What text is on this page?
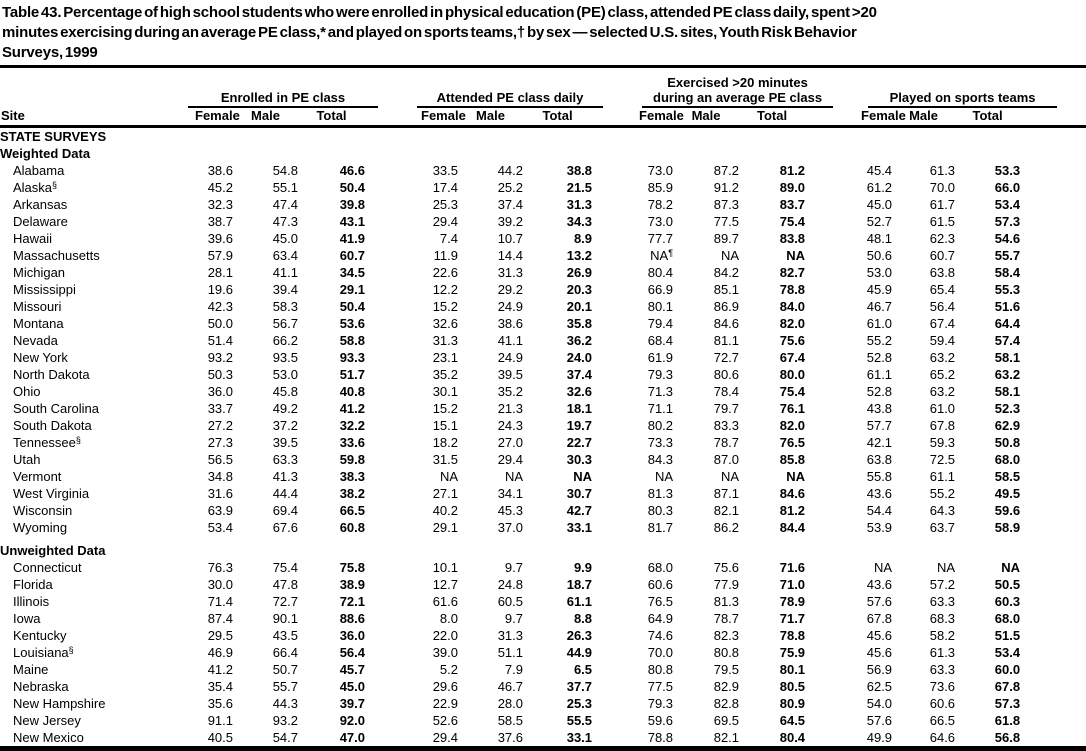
Table 43. Percentage of high school students who were enrolled in physical education (PE) class, attended PE class daily, spent >20
minutes exercising during an average PE class,* and played on sports teams,† by sex — selected U.S. sites, Youth Risk Behavior
Surveys, 1999
Site	Enrolled in PE class			Attended PE class daily			Exercised >20 minutes
during an average PE class			Played on sports teams			

	Female	Male	Total	Female	Male	Total	Female	Male	Total	Female	Male	Total	
STATE SURVEYS													
Weighted Data													
Alabama	38.6	54.8	46.6	33.5	44.2	38.8	73.0	87.2	81.2	45.4	61.3	53.3	
Alaska§	45.2	55.1	50.4	17.4	25.2	21.5	85.9	91.2	89.0	61.2	70.0	66.0	
Arkansas	32.3	47.4	39.8	25.3	37.4	31.3	78.2	87.3	83.7	45.0	61.7	53.4	
Delaware	38.7	47.3	43.1	29.4	39.2	34.3	73.0	77.5	75.4	52.7	61.5	57.3	
Hawaii	39.6	45.0	41.9	7.4	10.7	8.9	77.7	89.7	83.8	48.1	62.3	54.6	
Massachusetts	57.9	63.4	60.7	11.9	14.4	13.2	NA¶	NA	NA	50.6	60.7	55.7	
Michigan	28.1	41.1	34.5	22.6	31.3	26.9	80.4	84.2	82.7	53.0	63.8	58.4	
Mississippi	19.6	39.4	29.1	12.2	29.2	20.3	66.9	85.1	78.8	45.9	65.4	55.3	
Missouri	42.3	58.3	50.4	15.2	24.9	20.1	80.1	86.9	84.0	46.7	56.4	51.6	
Montana	50.0	56.7	53.6	32.6	38.6	35.8	79.4	84.6	82.0	61.0	67.4	64.4	
Nevada	51.4	66.2	58.8	31.3	41.1	36.2	68.4	81.1	75.6	55.2	59.4	57.4	
New York	93.2	93.5	93.3	23.1	24.9	24.0	61.9	72.7	67.4	52.8	63.2	58.1	
North Dakota	50.3	53.0	51.7	35.2	39.5	37.4	79.3	80.6	80.0	61.1	65.2	63.2	
Ohio	36.0	45.8	40.8	30.1	35.2	32.6	71.3	78.4	75.4	52.8	63.2	58.1	
South Carolina	33.7	49.2	41.2	15.2	21.3	18.1	71.1	79.7	76.1	43.8	61.0	52.3	
South Dakota	27.2	37.2	32.2	15.1	24.3	19.7	80.2	83.3	82.0	57.7	67.8	62.9	
Tennessee§	27.3	39.5	33.6	18.2	27.0	22.7	73.3	78.7	76.5	42.1	59.3	50.8	
Utah	56.5	63.3	59.8	31.5	29.4	30.3	84.3	87.0	85.8	63.8	72.5	68.0	
Vermont	34.8	41.3	38.3	NA	NA	NA	NA	NA	NA	55.8	61.1	58.5	
West Virginia	31.6	44.4	38.2	27.1	34.1	30.7	81.3	87.1	84.6	43.6	55.2	49.5	
Wisconsin	63.9	69.4	66.5	40.2	45.3	42.7	80.3	82.1	81.2	54.4	64.3	59.6	
Wyoming	53.4	67.6	60.8	29.1	37.0	33.1	81.7	86.2	84.4	53.9	63.7	58.9	
Unweighted Data													
Connecticut	76.3	75.4	75.8	10.1	9.7	9.9	68.0	75.6	71.6	NA	NA	NA	
Florida	30.0	47.8	38.9	12.7	24.8	18.7	60.6	77.9	71.0	43.6	57.2	50.5	
Illinois	71.4	72.7	72.1	61.6	60.5	61.1	76.5	81.3	78.9	57.6	63.3	60.3	
Iowa	87.4	90.1	88.6	8.0	9.7	8.8	64.9	78.7	71.7	67.8	68.3	68.0	
Kentucky	29.5	43.5	36.0	22.0	31.3	26.3	74.6	82.3	78.8	45.6	58.2	51.5	
Louisiana§	46.9	66.4	56.4	39.0	51.1	44.9	70.0	80.8	75.9	45.6	61.3	53.4	
Maine	41.2	50.7	45.7	5.2	7.9	6.5	80.8	79.5	80.1	56.9	63.3	60.0	
Nebraska	35.4	55.7	45.0	29.6	46.7	37.7	77.5	82.9	80.5	62.5	73.6	67.8	
New Hampshire	35.6	44.3	39.7	22.9	28.0	25.3	79.3	82.8	80.9	54.0	60.6	57.3	
New Jersey	91.1	93.2	92.0	52.6	58.5	55.5	59.6	69.5	64.5	57.6	66.5	61.8	
New Mexico	40.5	54.7	47.0	29.4	37.6	33.1	78.8	82.1	80.4	49.9	64.6	56.8	
